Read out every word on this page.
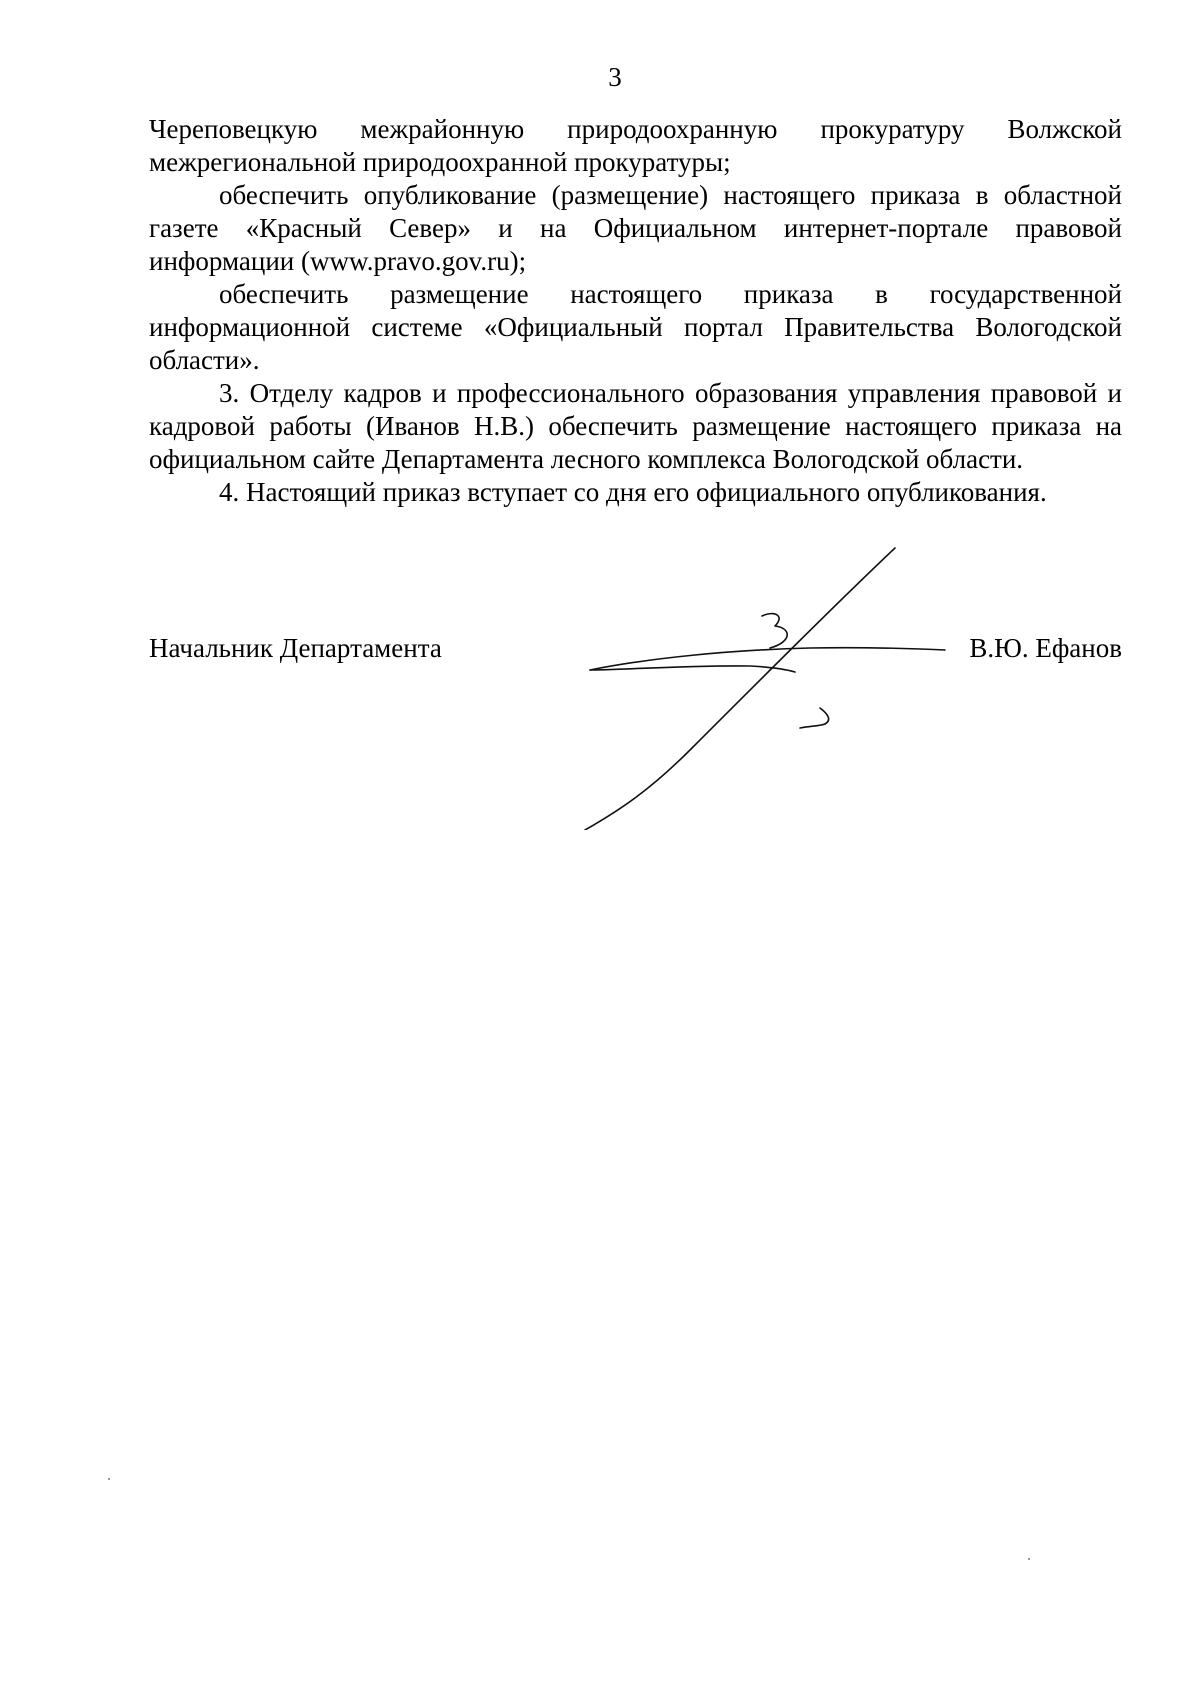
3

Череповецкую межрайонную природоохранную прокуратуру Волжской межрегиональной природоохранной прокуратуры;

обеспечить опубликование (размещение) настоящего приказа в областной газете «Красный Север» и на Официальном интернет-портале правовой информации (www.pravo.gov.ru);

обеспечить размещение настоящего приказа в государственной информационной системе «Официальный портал Правительства Вологодской области».

3. Отделу кадров и профессионального образования управления правовой и кадровой работы (Иванов Н.В.) обеспечить размещение настоящего приказа на официальном сайте Департамента лесного комплекса Вологодской области.

4. Настоящий приказ вступает со дня его официального опубликования.

Начальник Департамента	В.Ю. Ефанов
